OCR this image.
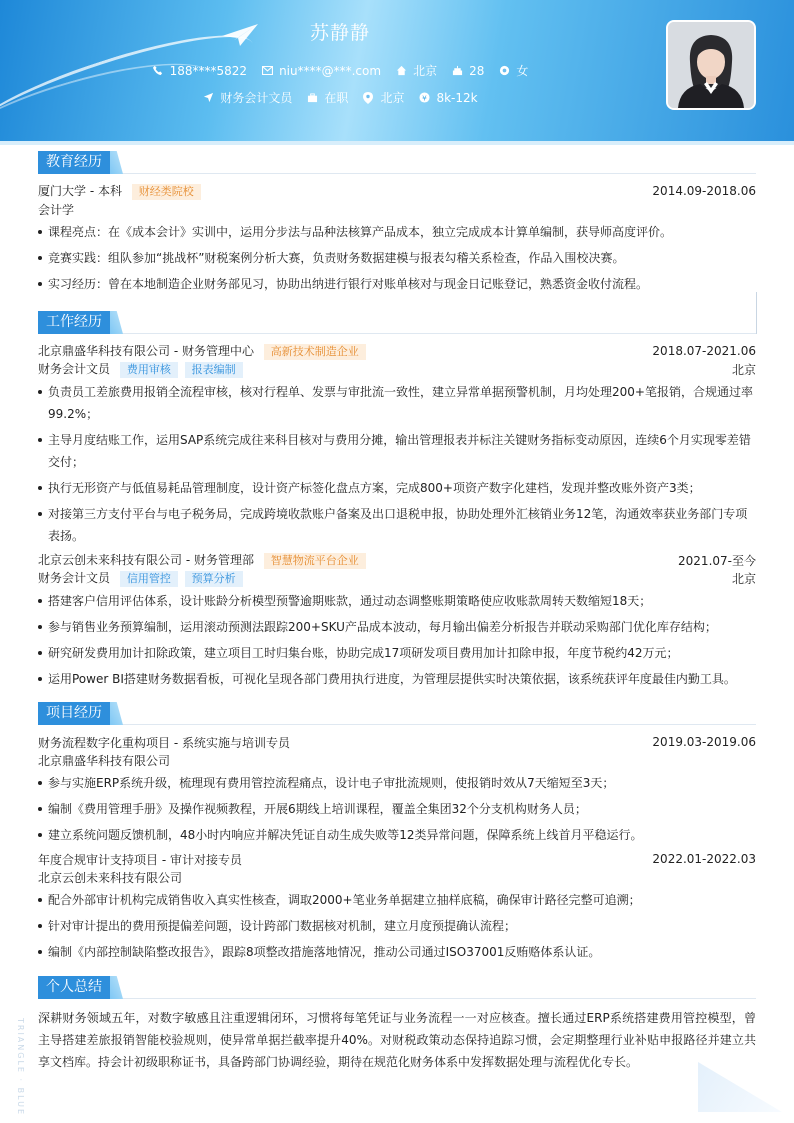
苏静静
188****5822	niu****@***.com	北京	28	女
财务会计文员	在职	北京 ¥ 8k-12k
教育经历
厦门大学 - 本科 财经类院校	2014.09-2018.06
会计学
课程亮点：在《成本会计》实训中，运用分步法与品种法核算产品成本，独立完成成本计算单编制，获导师高度评价。
竞赛实践：组队参加“挑战杯”财税案例分析大赛，负责财务数据建模与报表勾稽关系检查，作品入围校决赛。
实习经历：曾在本地制造企业财务部见习，协助出纳进行银行对账单核对与现金日记账登记，熟悉资金收付流程。
工作经历
北京鼎盛华科技有限公司 - 财务管理中心 高新技术制造企业	2018.07-2021.06
财务会计文员 费用审核 报表编制	北京
负责员工差旅费用报销全流程审核，核对行程单、发票与审批流一致性，建立异常单据预警机制，月均处理200+笔报销，合规通过率99.2%；
主导月度结账工作，运用SAP系统完成往来科目核对与费用分摊，输出管理报表并标注关键财务指标变动原因，连续6个月实现零差错交付；
执行无形资产与低值易耗品管理制度，设计资产标签化盘点方案，完成800+项资产数字化建档，发现并整改账外资产3类；
对接第三方支付平台与电子税务局，完成跨境收款账户备案及出口退税申报，协助处理外汇核销业务12笔，沟通效率获业务部门专项表扬。
北京云创未来科技有限公司 - 财务管理部 智慧物流平台企业	2021.07-至今
财务会计文员 信用管控 预算分析	北京
搭建客户信用评估体系，设计账龄分析模型预警逾期账款，通过动态调整账期策略使应收账款周转天数缩短18天；
参与销售业务预算编制，运用滚动预测法跟踪200+SKU产品成本波动，每月输出偏差分析报告并联动采购部门优化库存结构；
研究研发费用加计扣除政策，建立项目工时归集台账，协助完成17项研发项目费用加计扣除申报，年度节税约42万元；
运用Power BI搭建财务数据看板，可视化呈现各部门费用执行进度，为管理层提供实时决策依据，该系统获评年度最佳内勤工具。
项目经历
财务流程数字化重构项目 - 系统实施与培训专员	2019.03-2019.06
北京鼎盛华科技有限公司
参与实施ERP系统升级，梳理现有费用管控流程痛点，设计电子审批流规则，使报销时效从7天缩短至3天；
编制《费用管理手册》及操作视频教程，开展6期线上培训课程，覆盖全集团32个分支机构财务人员；
建立系统问题反馈机制，48小时内响应并解决凭证自动生成失败等12类异常问题，保障系统上线首月平稳运行。
年度合规审计支持项目 - 审计对接专员	2022.01-2022.03
北京云创未来科技有限公司
配合外部审计机构完成销售收入真实性核查，调取2000+笔业务单据建立抽样底稿，确保审计路径完整可追溯；
针对审计提出的费用预提偏差问题，设计跨部门数据核对机制，建立月度预提确认流程；
编制《内部控制缺陷整改报告》，跟踪8项整改措施落地情况，推动公司通过ISO37001反贿赂体系认证。
个人总结

深耕财务领域五年，对数字敏感且注重逻辑闭环，习惯将每笔凭证与业务流程一一对应核查。擅长通过ERP系统搭建费用管控模型，曾主导搭建差旅报销智能校验规则，使异常单据拦截率提升40%。对财税政策动态保持追踪习惯，会定期整理行业补贴申报路径并建立共享文档库。持会计初级职称证书，具备跨部门协调经验，期待在规范化财务体系中发挥数据处理与流程优化专长。

TRIANGLE · BLUE
